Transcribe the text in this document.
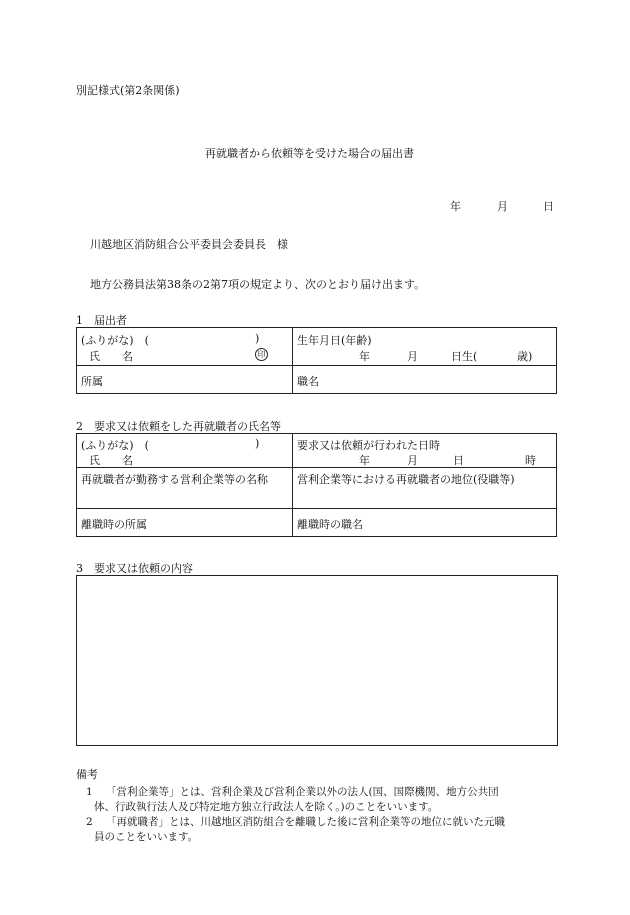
別記様式(第2条関係)
再就職者から依頼等を受けた場合の届出書
年	月	日
川越地区消防組合公平委員会委員長　様
地方公務員法第38条の2第7項の規定より、次のとおり届け出ます。
1　届出者
(ふりがな)　( )
氏　　名 印	生年月日(年齢)
年 月 日生( 歳)

所属	職名
2　要求又は依頼をした再就職者の氏名等
(ふりがな)　( )
氏　　名	要求又は依頼が行われた日時
年 月 日 時

再就職者が勤務する営利企業等の名称	営利企業等における再就職者の地位(役職等)

離職時の所属	離職時の職名
3　要求又は依頼の内容
備考
1 「営利企業等」とは、営利企業及び営利企業以外の法人(国、国際機関、地方公共団
体、行政執行法人及び特定地方独立行政法人を除く。)のことをいいます。
2 「再就職者」とは、川越地区消防組合を離職した後に営利企業等の地位に就いた元職
員のことをいいます。
